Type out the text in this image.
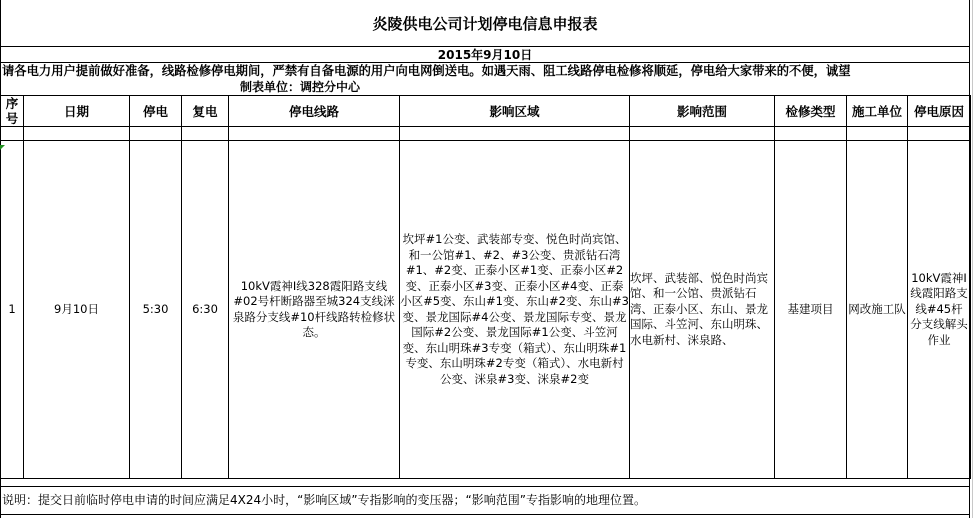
炎陵供电公司计划停电信息申报表
2015年9月10日
请各电力用户提前做好准备，线路检修停电期间，严禁有自备电源的用户向电网倒送电。如遇天雨、阻工线路停电检修将顺延，停电给大家带来的不便，诚望
制表单位：调控分中心
序号	日期	停电	复电	停电线路	影响区域	影响范围	检修类型	施工单位	停电原因

1	9月10日	5:30	6:30	10kV霞神I线328霞阳路支线#02号杆断路器至城324支线洣泉路分支线#10杆线路转检修状态。	坎坪#1公变、武装部专变、悦色时尚宾馆、和一公馆#1、#2、#3公变、贵派钻石湾#1、#2变、正泰小区#1变、正泰小区#2变、正泰小区#3变、正泰小区#4变、正泰小区#5变、东山#1变、东山#2变、东山#3变、景龙国际#4公变、景龙国际专变、景龙国际#2公变、景龙国际#1公变、斗笠河变、东山明珠#3专变（箱式）、东山明珠#1专变、东山明珠#2专变（箱式）、水电新村公变、洣泉#3变、洣泉#2变	坎坪、武装部、悦色时尚宾馆、和一公馆、贵派钻石湾、正泰小区、东山、景龙国际、斗笠河、东山明珠、水电新村、洣泉路、	基建项目	网改施工队	10kV霞神I线霞阳路支线#45杆分支线解头作业
说明：提交日前临时停电申请的时间应满足4X24小时，“影响区域”专指影响的变压器；“影响范围”专指影响的地理位置。
